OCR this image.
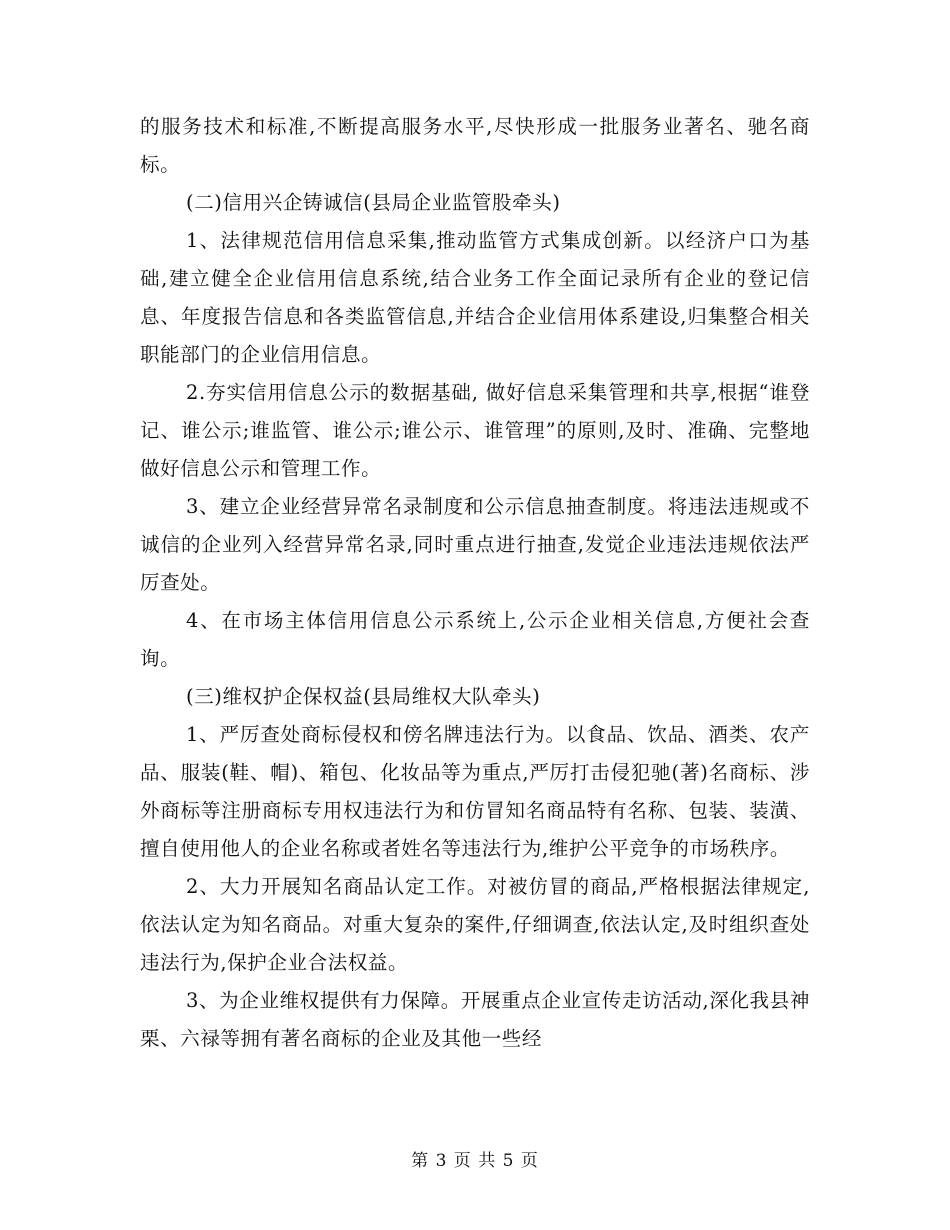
的服务技术和标准,不断提高服务水平,尽快形成一批服务业著名、驰名商标。

(二)信用兴企铸诚信(县局企业监管股牵头)

1、法律规范信用信息采集,推动监管方式集成创新。以经济户口为基础,建立健全企业信用信息系统,结合业务工作全面记录所有企业的登记信息、年度报告信息和各类监管信息,并结合企业信用体系建设,归集整合相关职能部门的企业信用信息。

2.夯实信用信息公示的数据基础, 做好信息采集管理和共享,根据“谁登记、谁公示;谁监管、谁公示;谁公示、谁管理”的原则,及时、准确、完整地做好信息公示和管理工作。

3、建立企业经营异常名录制度和公示信息抽查制度。将违法违规或不诚信的企业列入经营异常名录,同时重点进行抽查,发觉企业违法违规依法严厉查处。

4、在市场主体信用信息公示系统上,公示企业相关信息,方便社会查询。

(三)维权护企保权益(县局维权大队牵头)

1、严厉查处商标侵权和傍名牌违法行为。以食品、饮品、酒类、农产品、服装(鞋、帽)、箱包、化妆品等为重点,严厉打击侵犯驰(著)名商标、涉外商标等注册商标专用权违法行为和仿冒知名商品特有名称、包装、装潢、擅自使用他人的企业名称或者姓名等违法行为,维护公平竞争的市场秩序。

2、大力开展知名商品认定工作。对被仿冒的商品,严格根据法律规定,依法认定为知名商品。对重大复杂的案件,仔细调查,依法认定,及时组织查处违法行为,保护企业合法权益。

3、为企业维权提供有力保障。开展重点企业宣传走访活动,深化我县神栗、六禄等拥有著名商标的企业及其他一些经

第 3 页 共 5 页
